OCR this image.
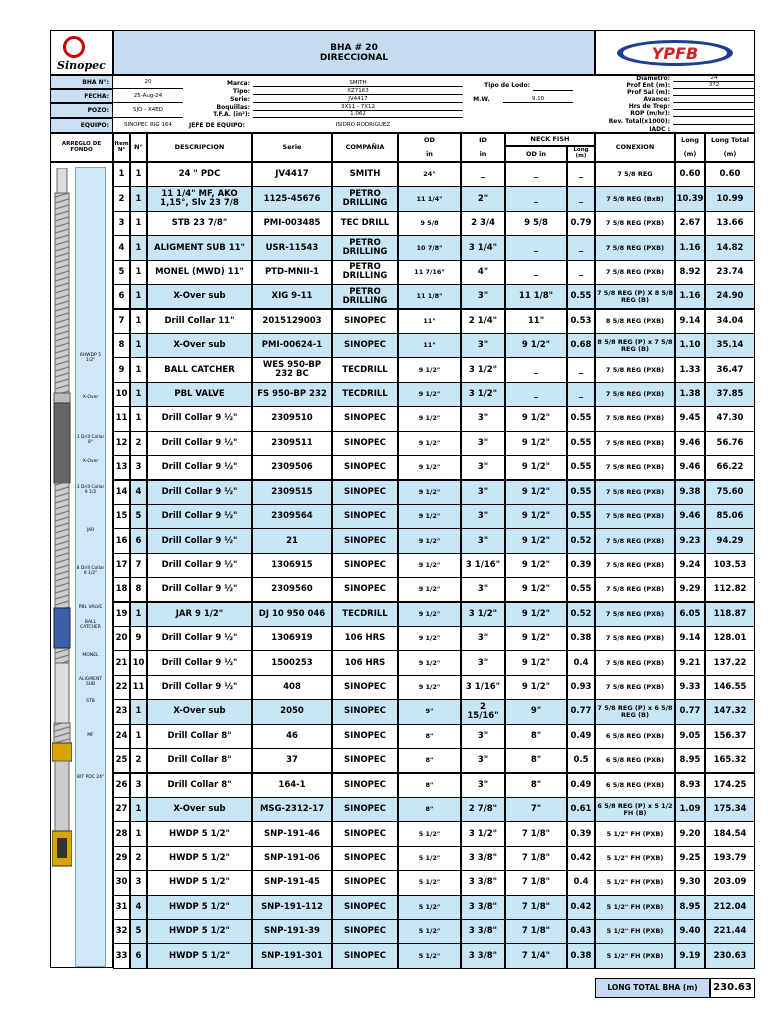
Sinopec
BHA # 20
DIRECCIONAL	YPFB
BHA N°:	20
FECHA:	25-Aug-24
POZO:	SJO - X4ED
EQUIPO:	SINOPEC RIG 164	JEFE DE EQUIPO:	ISIDRO RODRIGUEZ
Marca:	SMITH
Tipo:	XZ7163
Serie:	JV4417
Boquillas:	3X11 - 7X12
T.F.A. (in²):	1.062
Tipo de Lodo:
M.W.	9.10
Diametro:	24
Prof Ent (m):	372
Prof Sal (m):
Avance:
Hrs de Trep:
ROP (m/hr):
Rev. Total(x1000):
IADC :
ARREGLO DE FONDO
Item N°	N°	DESCRIPCION	Serie	COMPAÑIA
OD
in
ID
in
NECK FISH
OD in	Long (m)
CONEXION
Long
(m)
Long Total
(m)
6HWDP 5 1/2"
X-Over
3 Drill Collar 8"
X-Over
3 Drill Collar 9 1/2
JAR
8 Drill Collar 9 1/2"
PBL VALVE
BALL CATCHER
MONEL
ALIGMENT SUB
STB
MF
BIT PDC 24"
1	1	24 " PDC	JV4417	SMITH	24"	_	_	_	7 5/8 REG	0.60	0.60
2	1	11 1/4" MF, AKO 1,15°, Slv 23 7/8	1125-45676	PETRO DRILLING	11 1/4"	2"	_	_	7 5/8 REG (BxB)	10.39	10.99
3	1	STB 23 7/8"	PMI-003485	TEC DRILL	9 5/8	2 3/4	9 5/8	0.79	7 5/8 REG (PXB)	2.67	13.66
4	1	ALIGMENT SUB 11"	USR-11543	PETRO DRILLING	10 7/8"	3 1/4"	_	_	7 5/8 REG (PXB)	1.16	14.82
5	1	MONEL (MWD) 11"	PTD-MNII-1	PETRO DRILLING	11 7/16"	4"	_	_	7 5/8 REG (PXB)	8.92	23.74
6	1	X-Over sub	XIG 9-11	PETRO DRILLING	11 1/8"	3"	11 1/8"	0.55 7 5/8 REG (P) X 8 5/8 REG (B)	1.16	24.90
7	1	Drill Collar 11"	2015129003	SINOPEC	11"	2 1/4"	11"	0.53	8 5/8 REG (PXB)	9.14	34.04
8	1	X-Over sub	PMI-00624-1	SINOPEC	11"	3"	9 1/2"	0.68 8 5/8 REG (P) x 7 5/8 REG (B)	1.10	35.14
9	1	BALL CATCHER	WES 950-BP 232 BC	TECDRILL	9 1/2"	3 1/2"	_	_	7 5/8 REG (PXB)	1.33	36.47
10 1	PBL VALVE	FS 950-BP 232	TECDRILL	9 1/2"	3 1/2"	_	_	7 5/8 REG (PXB)	1.38	37.85
11 1	Drill Collar 9 ½"	2309510	SINOPEC	9 1/2"	3"	9 1/2"	0.55	7 5/8 REG (PXB)	9.45	47.30
12 2	Drill Collar 9 ½"	2309511	SINOPEC	9 1/2"	3"	9 1/2"	0.55	7 5/8 REG (PXB)	9.46	56.76
13 3	Drill Collar 9 ½"	2309506	SINOPEC	9 1/2"	3"	9 1/2"	0.55	7 5/8 REG (PXB)	9.46	66.22
14 4	Drill Collar 9 ½"	2309515	SINOPEC	9 1/2"	3"	9 1/2"	0.55	7 5/8 REG (PXB)	9.38	75.60
15 5	Drill Collar 9 ½"	2309564	SINOPEC	9 1/2"	3"	9 1/2"	0.55	7 5/8 REG (PXB)	9.46	85.06
16 6	Drill Collar 9 ½"	21	SINOPEC	9 1/2"	3"	9 1/2"	0.52	7 5/8 REG (PXB)	9.23	94.29
17 7	Drill Collar 9 ½"	1306915	SINOPEC	9 1/2"	3 1/16"	9 1/2"	0.39	7 5/8 REG (PXB)	9.24	103.53
18 8	Drill Collar 9 ½"	2309560	SINOPEC	9 1/2"	3"	9 1/2"	0.55	7 5/8 REG (PXB)	9.29	112.82
19 1	JAR 9 1/2"	DJ 10 950 046	TECDRILL	9 1/2"	3 1/2"	9 1/2"	0.52	7 5/8 REG (PXB)	6.05	118.87
20 9	Drill Collar 9 ½"	1306919	106 HRS	9 1/2"	3"	9 1/2"	0.38	7 5/8 REG (PXB)	9.14	128.01
21 10	Drill Collar 9 ½"	1500253	106 HRS	9 1/2"	3"	9 1/2"	0.4	7 5/8 REG (PXB)	9.21	137.22
22 11	Drill Collar 9 ½"	408	SINOPEC	9 1/2"	3 1/16"	9 1/2"	0.93	7 5/8 REG (PXB)	9.33	146.55
23 1	X-Over sub	2050	SINOPEC	9"	2 15/16"	9"	0.77 7 5/8 REG (P) x 6 5/8 REG (B)	0.77	147.32
24 1	Drill Collar 8"	46	SINOPEC	8"	3"	8"	0.49	6 5/8 REG (PXB)	9.05	156.37
25 2	Drill Collar 8"	37	SINOPEC	8"	3"	8"	0.5	6 5/8 REG (PXB)	8.95	165.32
26 3	Drill Collar 8"	164-1	SINOPEC	8"	3"	8"	0.49	6 5/8 REG (PXB)	8.93	174.25
27 1	X-Over sub	MSG-2312-17	SINOPEC	8"	2 7/8"	7"	0.61 6 5/8 REG (P) x 5 1/2 FH (B)	1.09	175.34
28 1	HWDP 5 1/2"	SNP-191-46	SINOPEC	5 1/2"	3 1/2"	7 1/8"	0.39	5 1/2" FH (PXB)	9.20	184.54
29 2	HWDP 5 1/2"	SNP-191-06	SINOPEC	5 1/2"	3 3/8"	7 1/8"	0.42	5 1/2" FH (PXB)	9.25	193.79
30 3	HWDP 5 1/2"	SNP-191-45	SINOPEC	5 1/2"	3 3/8"	7 1/8"	0.4	5 1/2" FH (PXB)	9.30	203.09
31 4	HWDP 5 1/2"	SNP-191-112	SINOPEC	5 1/2"	3 3/8"	7 1/8"	0.42	5 1/2" FH (PXB)	8.95	212.04
32 5	HWDP 5 1/2"	SNP-191-39	SINOPEC	5 1/2"	3 3/8"	7 1/8"	0.43	5 1/2" FH (PXB)	9.40	221.44
33 6	HWDP 5 1/2"	SNP-191-301	SINOPEC	5 1/2"	3 3/8"	7 1/4"	0.38	5 1/2" FH (PXB)	9.19	230.63
LONG TOTAL BHA (m)	230.63
